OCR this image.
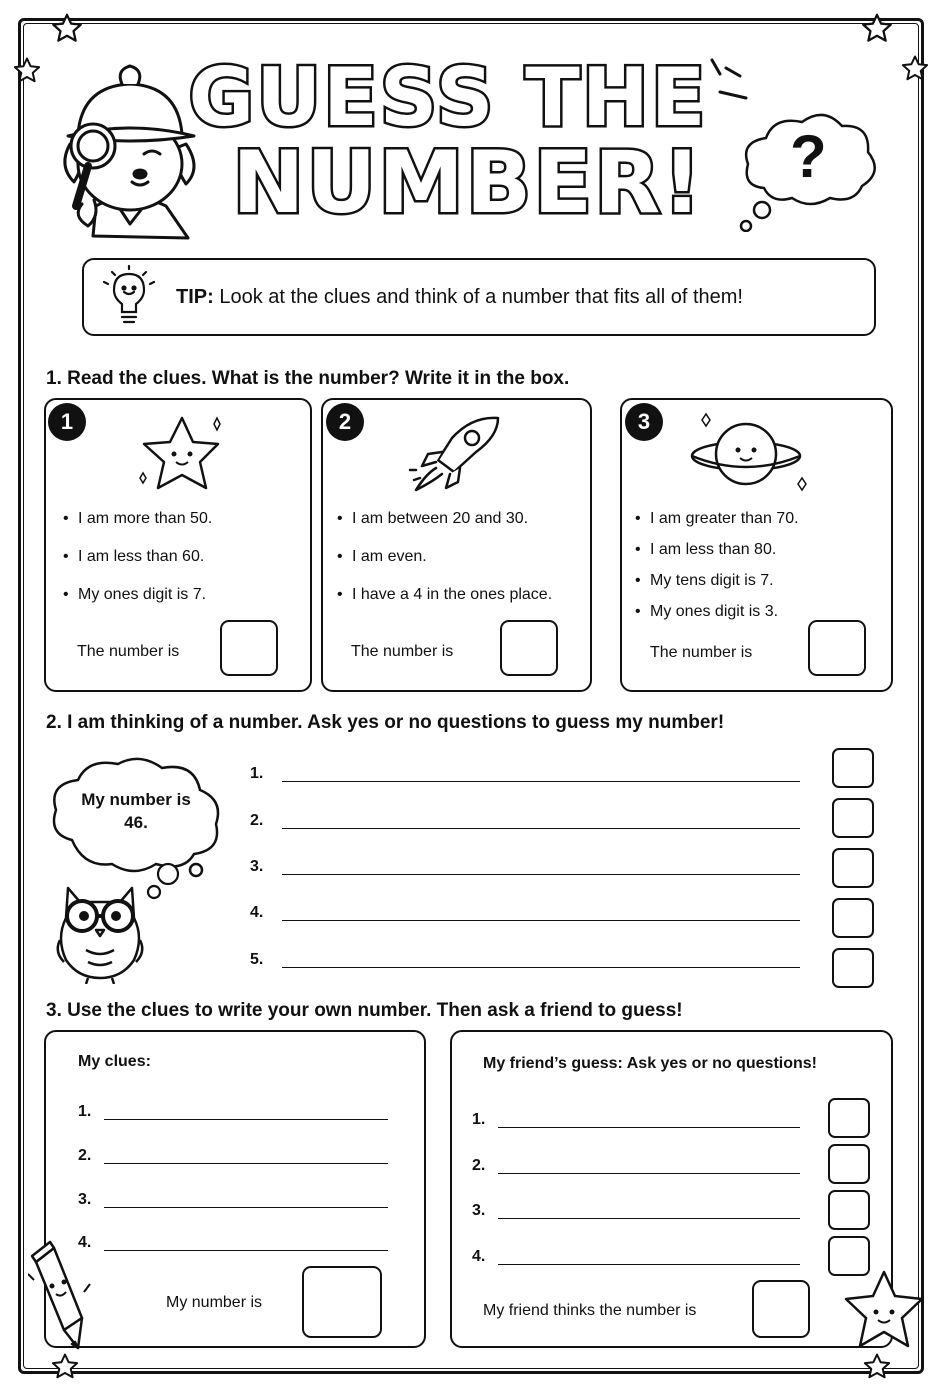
GUESS THE
NUMBER! ?
TIP: Look at the clues and think of a number that fits all of them!
1. Read the clues. What is the number? Write it in the box.
1
• I am more than 50.
• I am less than 60.
• My ones digit is 7.
The number is
2
• I am between 20 and 30.
• I am even.
• I have a 4 in the ones place.
The number is
3
• I am greater than 70.
• I am less than 80.
• My tens digit is 7.
• My ones digit is 3.
The number is
2. I am thinking of a number. Ask yes or no questions to guess my number!
My number is
46.
1.
2.
3.
4.
5.
3. Use the clues to write your own number. Then ask a friend to guess!
My clues:
1.
2.
3.
4.
My number is
My friend’s guess: Ask yes or no questions!
1.
2.
3.
4.
My friend thinks the number is
